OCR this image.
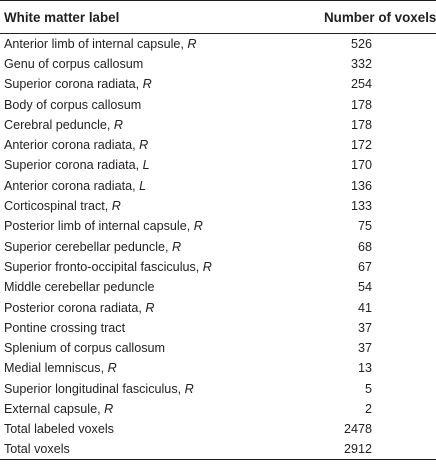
White matter label	Number of voxels
Anterior limb of internal capsule, R	526
Genu of corpus callosum	332
Superior corona radiata, R	254
Body of corpus callosum	178
Cerebral peduncle, R	178
Anterior corona radiata, R	172
Superior corona radiata, L	170
Anterior corona radiata, L	136
Corticospinal tract, R	133
Posterior limb of internal capsule, R	75
Superior cerebellar peduncle, R	68
Superior fronto-occipital fasciculus, R	67
Middle cerebellar peduncle	54
Posterior corona radiata, R	41
Pontine crossing tract	37
Splenium of corpus callosum	37
Medial lemniscus, R	13
Superior longitudinal fasciculus, R	5
External capsule, R	2
Total labeled voxels	2478
Total voxels	2912
